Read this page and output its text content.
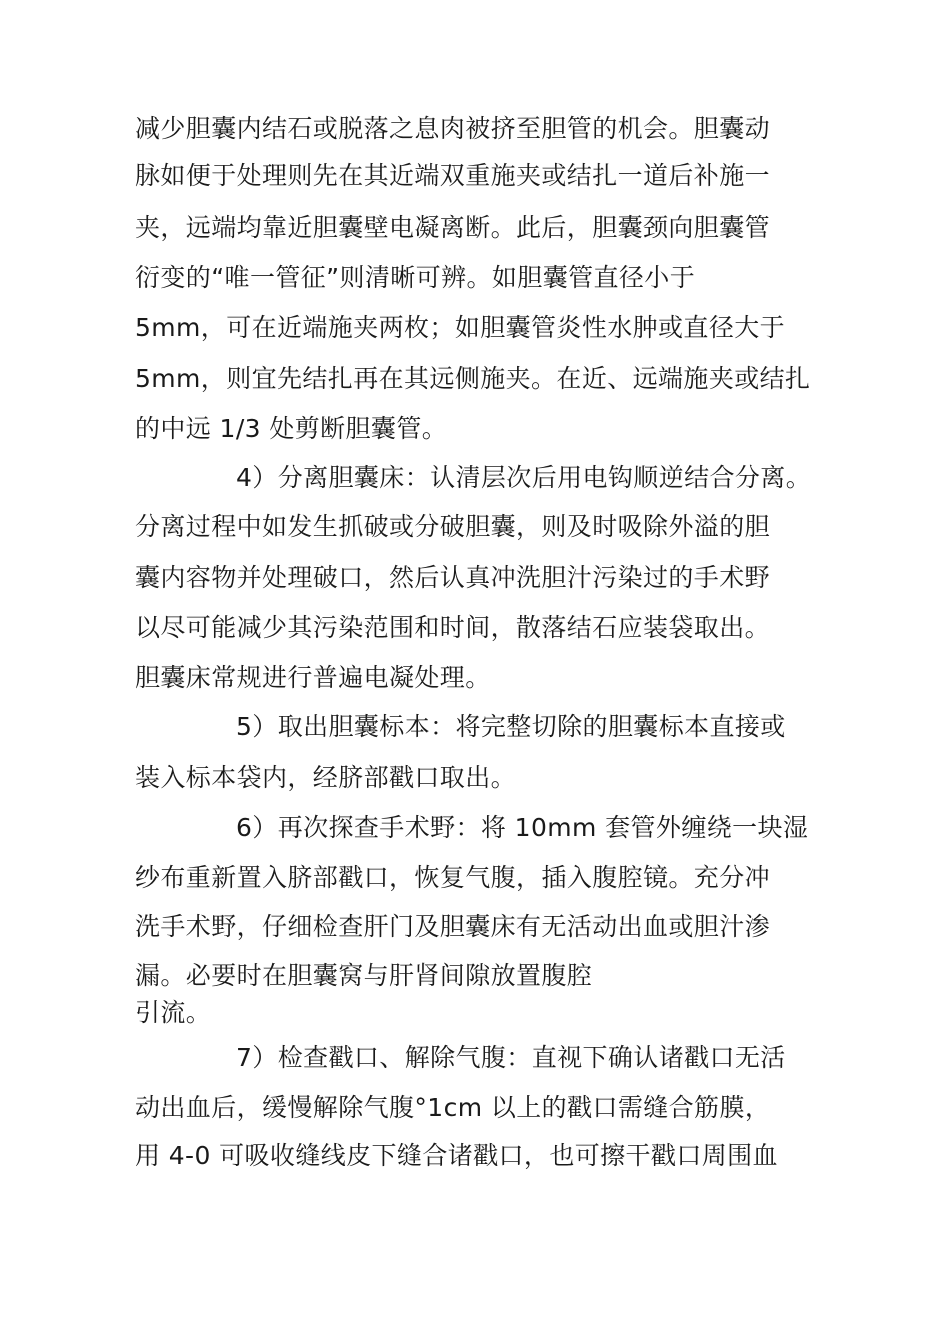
减少胆囊内结石或脱落之息肉被挤至胆管的机会。胆囊动
脉如便于处理则先在其近端双重施夹或结扎一道后补施一
夹，远端均靠近胆囊壁电凝离断。此后，胆囊颈向胆囊管
衍变的“唯一管征”则清晰可辨。如胆囊管直径小于
5mm，可在近端施夹两枚；如胆囊管炎性水肿或直径大于
5mm，则宜先结扎再在其远侧施夹。在近、远端施夹或结扎
的中远 1/3 处剪断胆囊管。
4）分离胆囊床：认清层次后用电钩顺逆结合分离。
分离过程中如发生抓破或分破胆囊，则及时吸除外溢的胆
囊内容物并处理破口，然后认真冲洗胆汁污染过的手术野
以尽可能减少其污染范围和时间，散落结石应装袋取出。
胆囊床常规进行普遍电凝处理。
5）取出胆囊标本：将完整切除的胆囊标本直接或
装入标本袋内，经脐部戳口取出。
6）再次探查手术野：将 10mm 套管外缠绕一块湿
纱布重新置入脐部戳口，恢复气腹，插入腹腔镜。充分冲
洗手术野，仔细检查肝门及胆囊床有无活动出血或胆汁渗
漏。必要时在胆囊窝与肝肾间隙放置腹腔
引流。
7）检查戳口、解除气腹：直视下确认诸戳口无活
动出血后，缓慢解除气腹°1cm 以上的戳口需缝合筋膜，
用 4-0 可吸收缝线皮下缝合诸戳口，也可擦干戳口周围血
